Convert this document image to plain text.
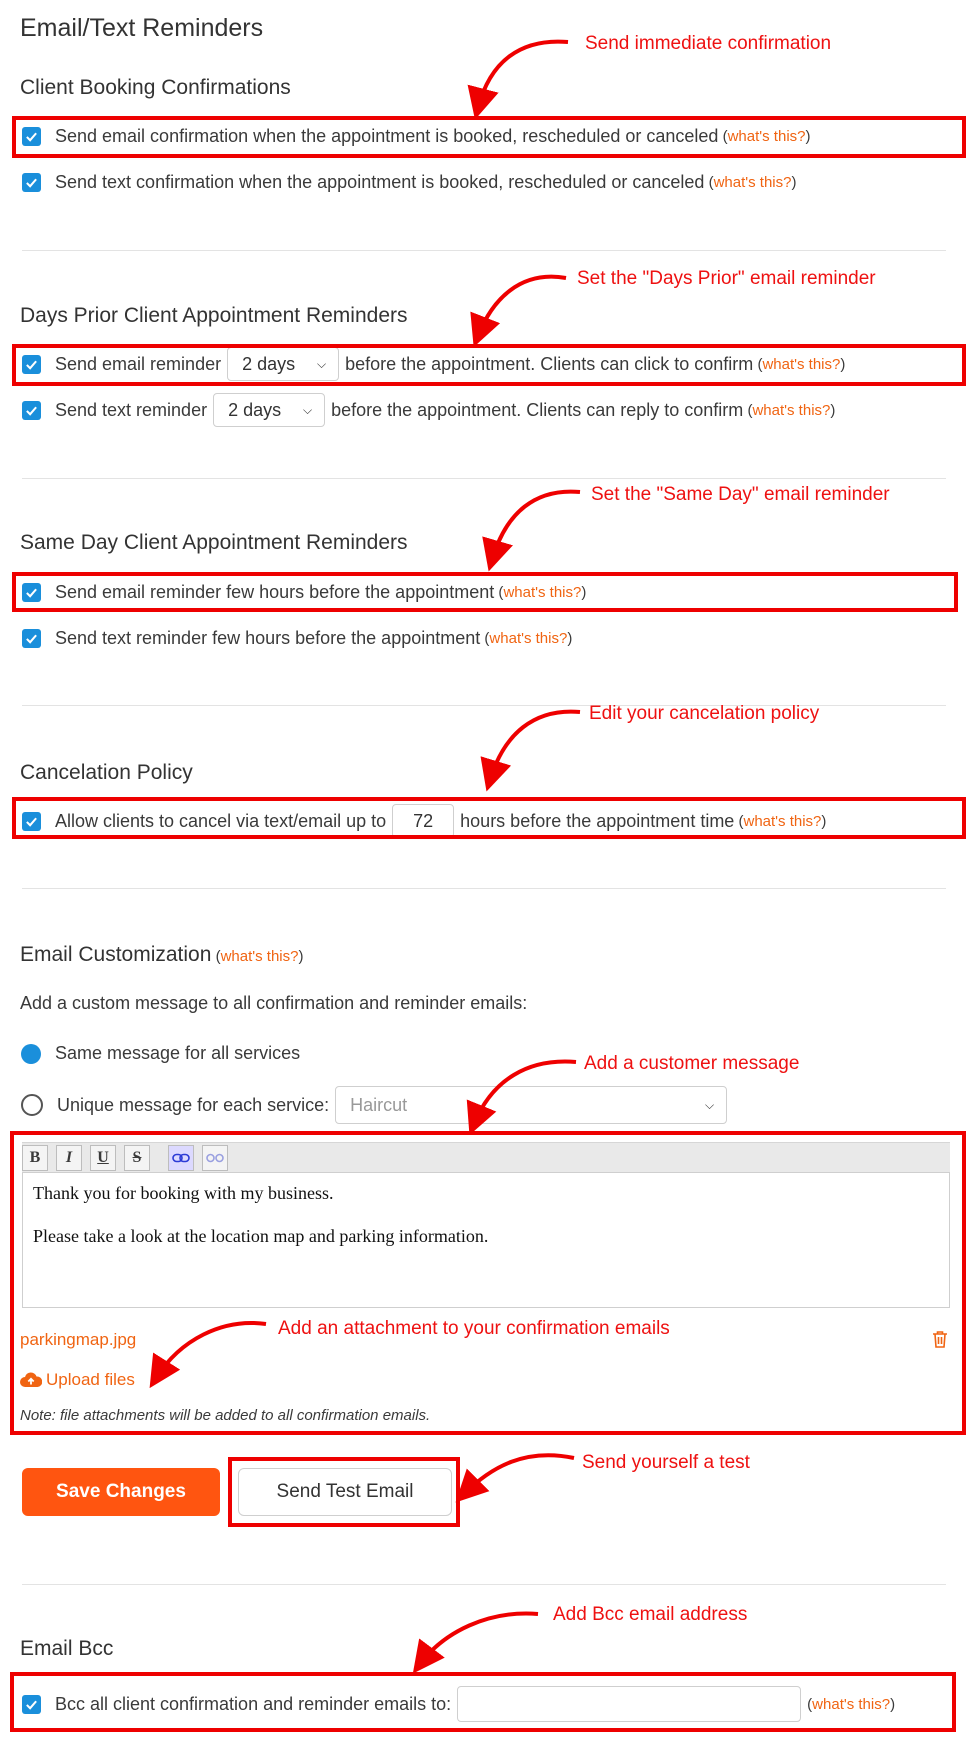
Email/Text Reminders
Client Booking Confirmations
Send email confirmation when the appointment is booked, rescheduled or canceled ( what's this? )
Send text confirmation when the appointment is booked, rescheduled or canceled ( what's this? )
Days Prior Client Appointment Reminders
Send email reminder 2 days ⌵ before the appointment. Clients can click to confirm ( what's this? )
Send text reminder 2 days ⌵ before the appointment. Clients can reply to confirm ( what's this? )
Same Day Client Appointment Reminders
Send email reminder few hours before the appointment ( what's this? )
Send text reminder few hours before the appointment ( what's this? )
Cancelation Policy
Allow clients to cancel via text/email up to	72	hours before the appointment time ( what's this? )
Email Customization ( what's this? )
Add a custom message to all confirmation and reminder emails:
Same message for all services
Unique message for each service: Haircut	⌵
B	I	U	S

Thank you for booking with my business.

Please take a look at the location map and parking information.

parkingmap.jpg
Upload files
Note: file attachments will be added to all confirmation emails.
Save Changes	Send Test Email
Email Bcc
Bcc all client confirmation and reminder emails to:	( what's this? )
Send immediate confirmation
Set the "Days Prior" email reminder
Set the "Same Day" email reminder
Edit your cancelation policy
Add a customer message
Add an attachment to your confirmation emails
Send yourself a test
Add Bcc email address
